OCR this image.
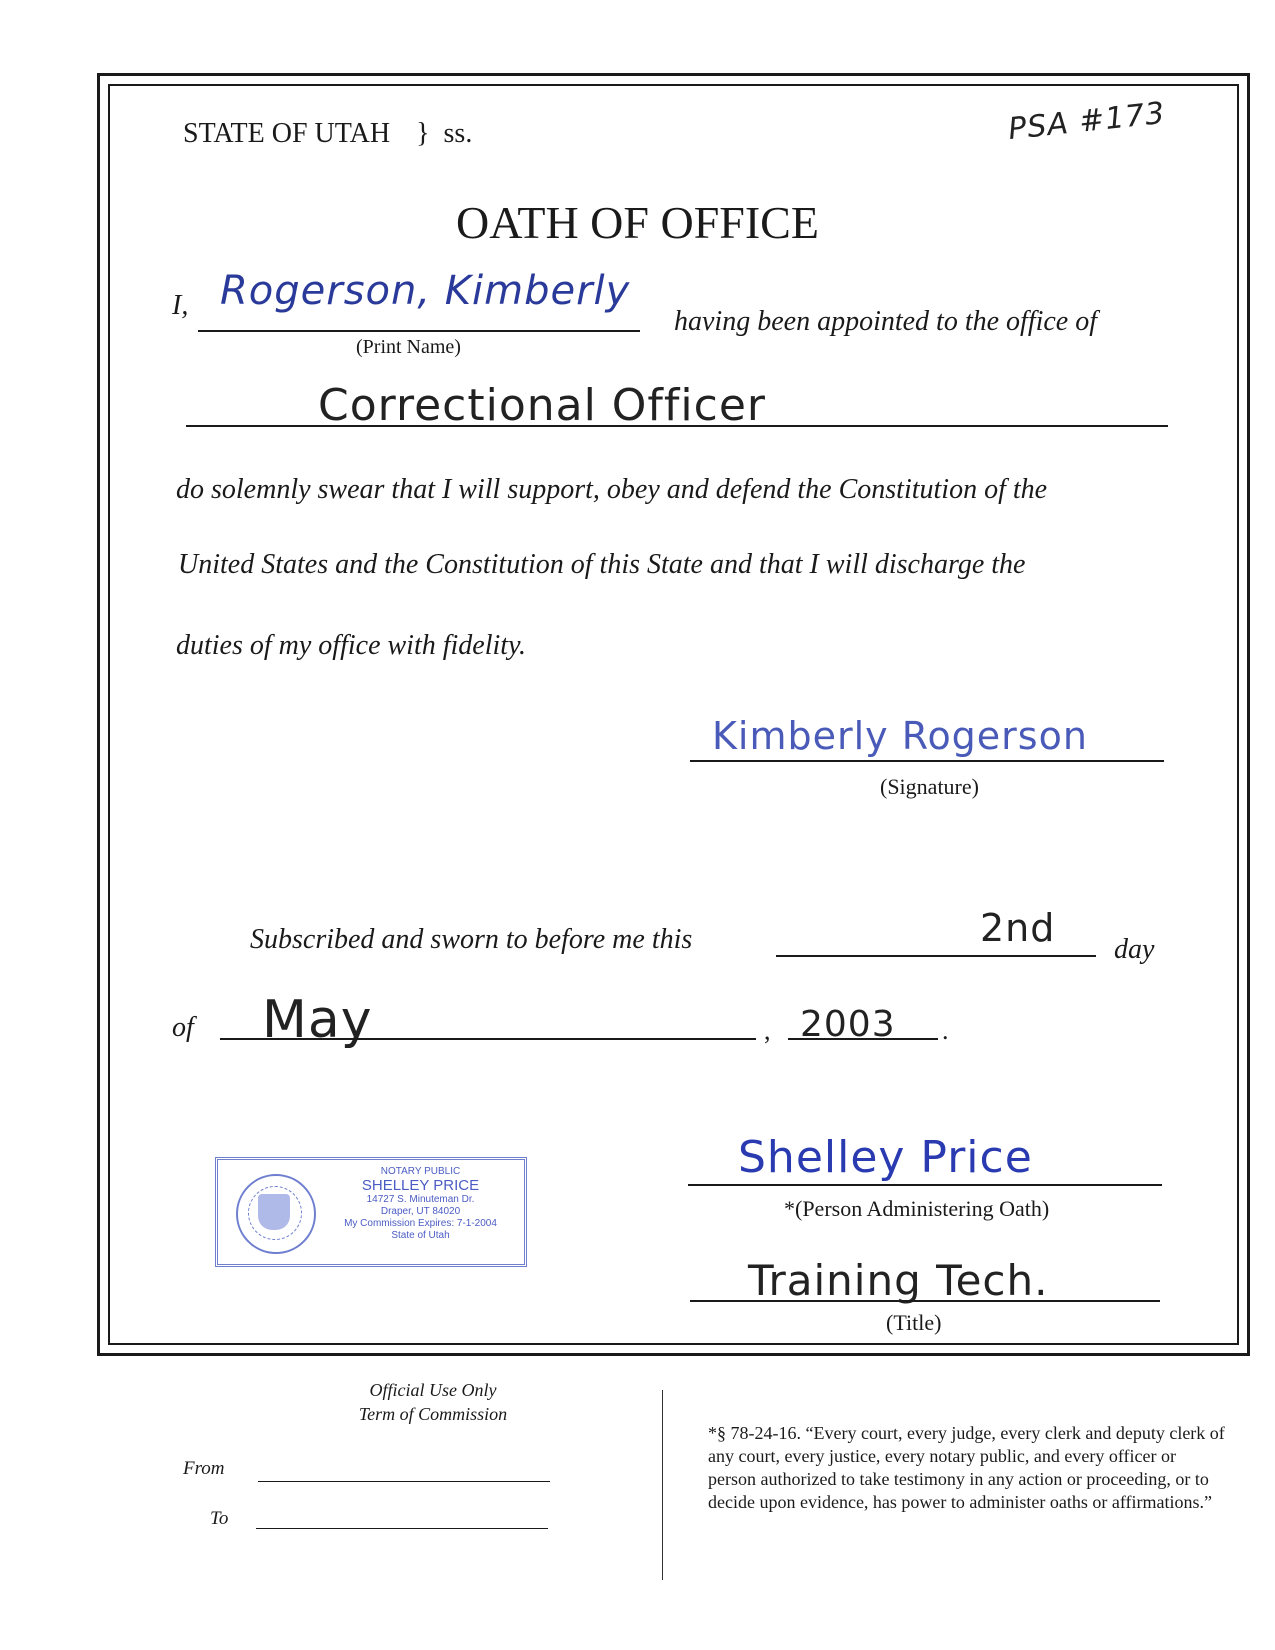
STATE OF UTAH } ss.	PSA #173
OATH OF OFFICE
I, Rogerson, Kimberly
(Print Name)
having been appointed to the office of
Correctional Officer
do solemnly swear that I will support, obey and defend the Constitution of the
United States and the Constitution of this State and that I will discharge the
duties of my office with fidelity.
Kimberly Rogerson
(Signature)
Subscribed and sworn to before me this	2nd day
of May	, 2003 .
NOTARY PUBLIC
SHELLEY PRICE
14727 S. Minuteman Dr.
Draper, UT 84020
My Commission Expires: 7-1-2004
State of Utah
Shelley Price
*(Person Administering Oath)
Training Tech.
(Title)
Official Use Only
Term of Commission
From
To
*§ 78-24-16. “Every court, every judge, every clerk and deputy clerk of any court, every justice, every notary public, and every officer or person authorized to take testimony in any action or proceeding, or to decide upon evidence, has power to administer oaths or affirmations.”
